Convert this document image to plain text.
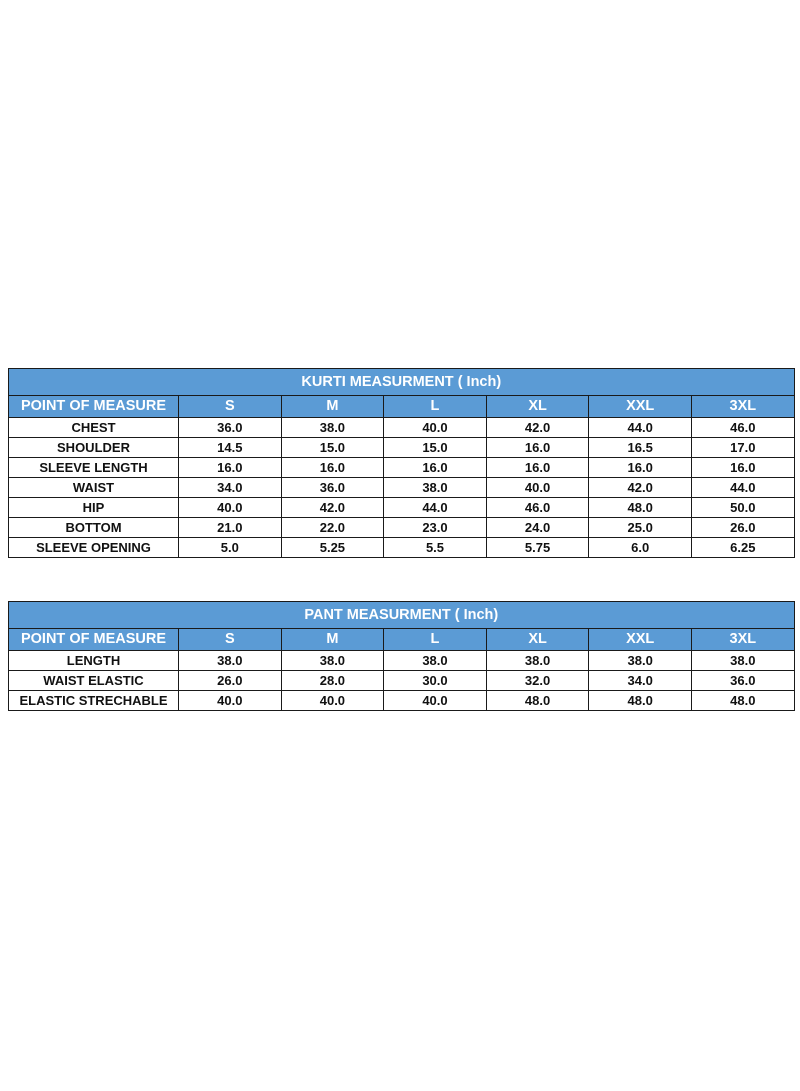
KURTI MEASURMENT ( Inch)						
POINT OF MEASURE	S	M	L	XL	XXL	3XL
CHEST	36.0	38.0	40.0	42.0	44.0	46.0
SHOULDER	14.5	15.0	15.0	16.0	16.5	17.0
SLEEVE LENGTH	16.0	16.0	16.0	16.0	16.0	16.0
WAIST	34.0	36.0	38.0	40.0	42.0	44.0
HIP	40.0	42.0	44.0	46.0	48.0	50.0
BOTTOM	21.0	22.0	23.0	24.0	25.0	26.0
SLEEVE OPENING	5.0	5.25	5.5	5.75	6.0	6.25
PANT MEASURMENT ( Inch)						
POINT OF MEASURE	S	M	L	XL	XXL	3XL
LENGTH	38.0	38.0	38.0	38.0	38.0	38.0
WAIST ELASTIC	26.0	28.0	30.0	32.0	34.0	36.0
ELASTIC STRECHABLE	40.0	40.0	40.0	48.0	48.0	48.0
